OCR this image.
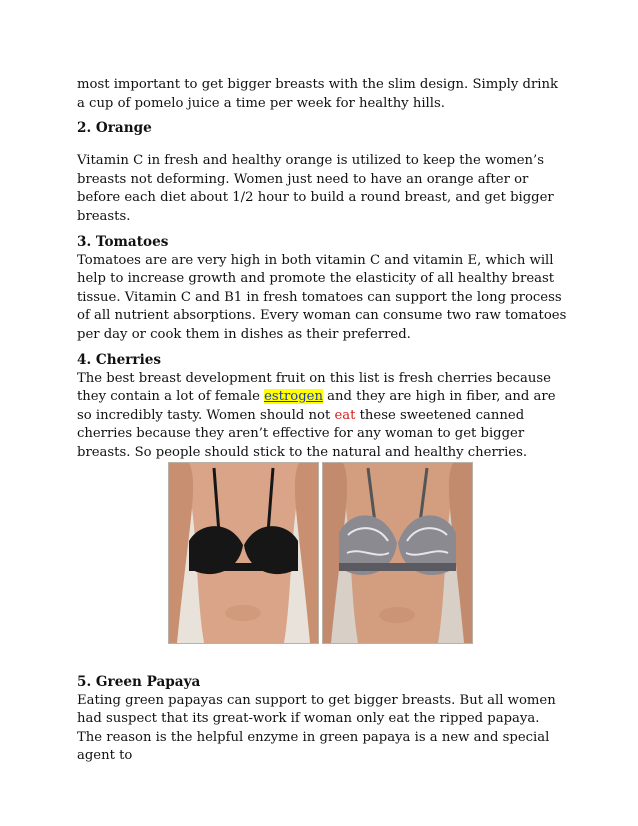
most important to get bigger breasts with the slim design. Simply drink a cup of pomelo juice a time per week for healthy hills.

2. Orange

Vitamin C in fresh and healthy orange is utilized to keep the women’s breasts not deforming. Women just need to have an orange after or before each diet about 1/2 hour to build a round breast, and get bigger breasts.

3. Tomatoes

Tomatoes are are very high in both vitamin C and vitamin E, which will help to increase growth and promote the elasticity of all healthy breast tissue. Vitamin C and B1 in fresh tomatoes can support the long process of all nutrient absorptions. Every woman can consume two raw tomatoes per day or cook them in dishes as their preferred.

4. Cherries

The best breast development fruit on this list is fresh cherries because they contain a lot of female estrogen and they are high in fiber, and are so incredibly tasty. Women should not eat these sweetened canned cherries because they aren’t effective for any woman to get bigger breasts. So people should stick to the natural and healthy cherries.

5. Green Papaya

Eating green papayas can support to get bigger breasts. But all women had suspect that its great-work if woman only eat the ripped papaya. The reason is the helpful enzyme in green papaya is a new and special agent to
